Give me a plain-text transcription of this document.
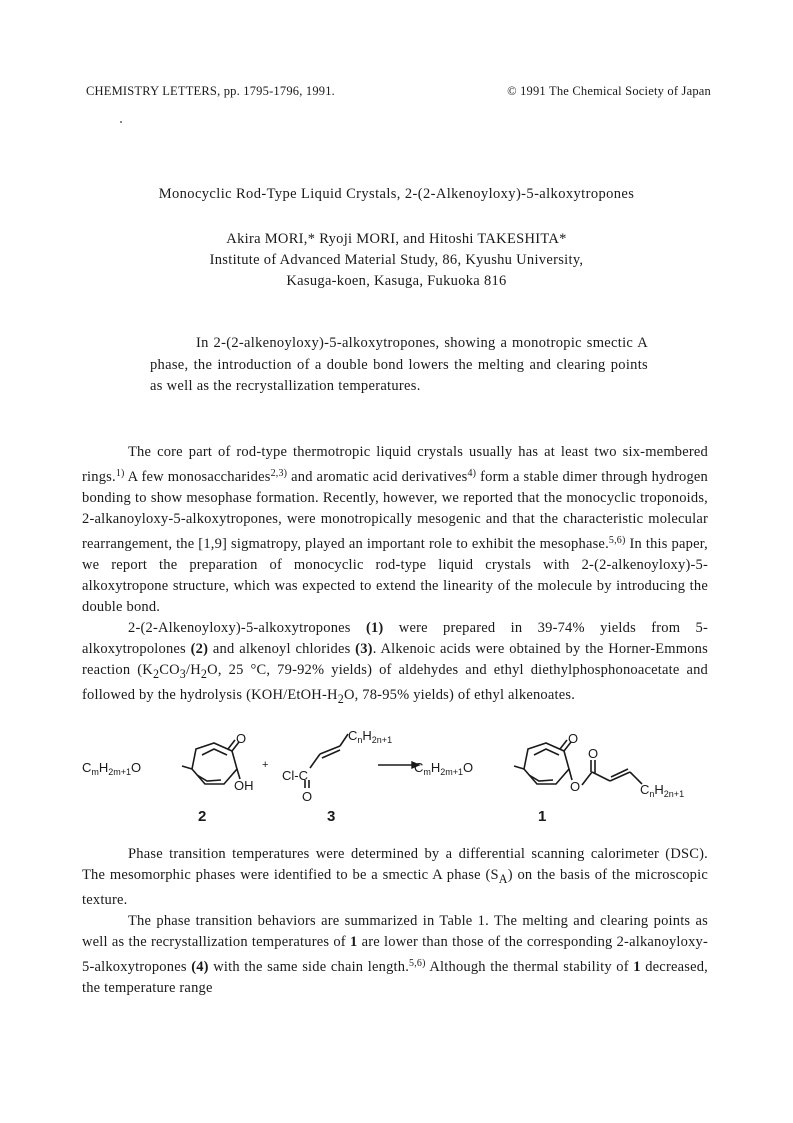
CHEMISTRY LETTERS, pp. 1795-1796, 1991.	© 1991 The Chemical Society of Japan
Monocyclic Rod-Type Liquid Crystals, 2-(2-Alkenoyloxy)-5-alkoxytropones
Akira MORI,* Ryoji MORI, and Hitoshi TAKESHITA*
Institute of Advanced Material Study, 86, Kyushu University,
Kasuga-koen, Kasuga, Fukuoka 816
In 2-(2-alkenoyloxy)-5-alkoxytropones, showing a monotropic smectic A phase, the introduction of a double bond lowers the melting and clearing points as well as the recrystallization temperatures.

The core part of rod-type thermotropic liquid crystals usually has at least two six-membered rings.$^{1)}$ A few monosaccharides$^{2,3)}$ and aromatic acid derivatives$^{4)}$ form a stable dimer through hydrogen bonding to show mesophase formation. Recently, however, we reported that the monocyclic troponoids, 2-alkanoyloxy-5-alkoxytropones, were monotropically mesogenic and that the characteristic molecular rearrangement, the [1,9] sigmatropy, played an important role to exhibit the mesophase.$^{5,6)}$ In this paper, we report the preparation of monocyclic rod-type liquid crystals with 2-(2-alkenoyloxy)-5-alkoxytropone structure, which was expected to extend the linearity of the molecule by introducing the double bond.

2-(2-Alkenoyloxy)-5-alkoxytropones (1) were prepared in 39-74% yields from 5-alkoxytropolones (2) and alkenoyl chlorides (3). Alkenoic acids were obtained by the Horner-Emmons reaction ($K_2CO_3/H_2O$, 25 °C, 79-92% yields) of aldehydes and ethyl diethylphosphonoacetate and followed by the hydrolysis ($KOH/EtOH-H_2O$, 78-95% yields) of ethyl alkenoates.

$C_mH_{2m+1}O$
O
OH
+
2
Cl-C
O
$C_nH_{2n+1}$
3
$C_mH_{2m+1}O$
O
O
O
$C_nH_{2n+1}$
1

Phase transition temperatures were determined by a differential scanning calorimeter (DSC). The mesomorphic phases were identified to be a smectic A phase $(S_A)$ on the basis of the microscopic texture.

The phase transition behaviors are summarized in Table 1. The melting and clearing points as well as the recrystallization temperatures of 1 are lower than those of the corresponding 2-alkanoyloxy-5-alkoxytropones (4) with the same side chain length.$^{5,6)}$ Although the thermal stability of 1 decreased, the temperature range
